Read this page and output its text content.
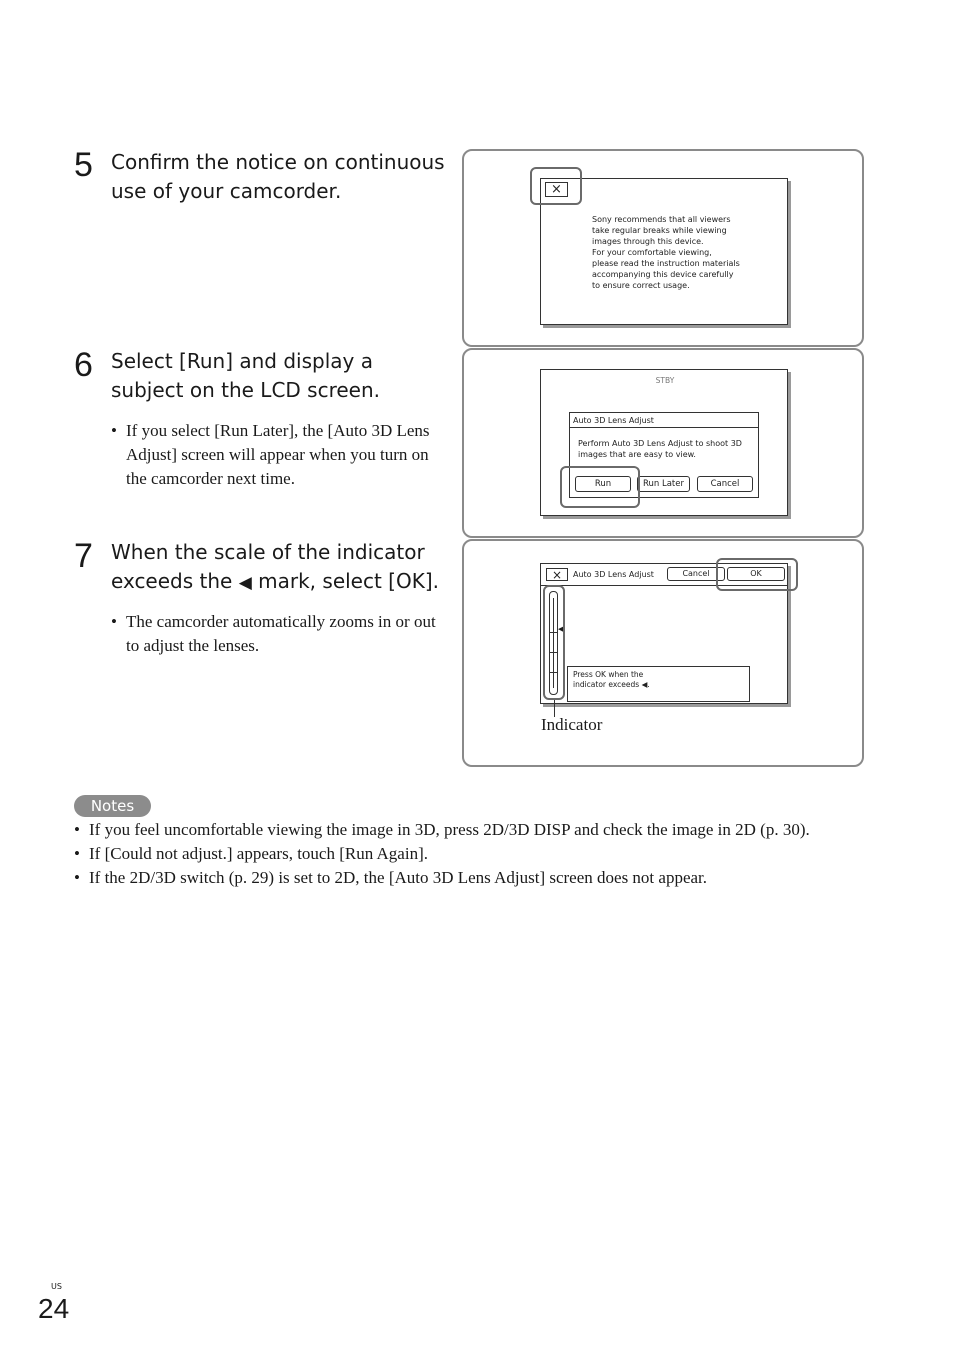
5 Confirm the notice on continuous use of your camcorder.	×
Sony recommends that all viewers
take regular breaks while viewing
images through this device.
For your comfortable viewing,
please read the instruction materials
accompanying this device carefully
to ensure correct usage.
6 Select [Run] and display a subject on the LCD screen.
• If you select [Run Later], the [Auto 3D Lens Adjust] screen will appear when you turn on the camcorder next time.
STBY
Auto 3D Lens Adjust
Perform Auto 3D Lens Adjust to shoot 3D
images that are easy to view.
Run	Run Later	Cancel
7 When the scale of the indicator
exceeds the ◀ mark, select [OK].
• The camcorder automatically zooms in or out to adjust the lenses.
×	Auto 3D Lens Adjust	Cancel	OK
◀
Press OK when the
indicator exceeds ◀.
Indicator
Notes
• If you feel uncomfortable viewing the image in 3D, press 2D/3D DISP and check the image in 2D (p. 30).
• If [Could not adjust.] appears, touch [Run Again].
• If the 2D/3D switch (p. 29) is set to 2D, the [Auto 3D Lens Adjust] screen does not appear.
US
24
